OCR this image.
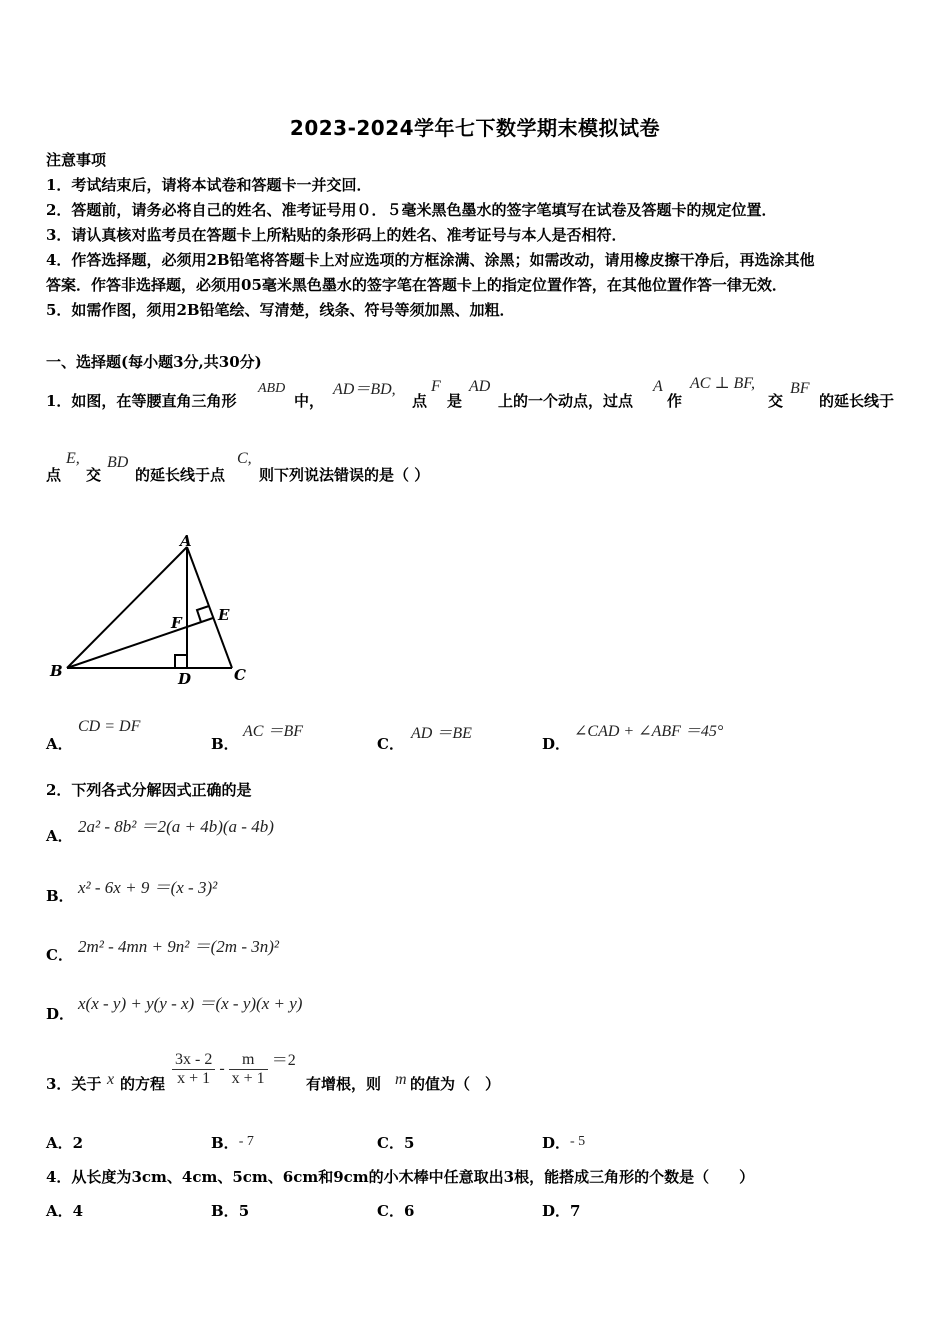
2023-2024学年七下数学期末模拟试卷
注意事项
1．考试结束后，请将本试卷和答题卡一并交回．
2．答题前，请务必将自己的姓名、准考证号用０．５毫米黑色墨水的签字笔填写在试卷及答题卡的规定位置．
3．请认真核对监考员在答题卡上所粘贴的条形码上的姓名、准考证号与本人是否相符．
4．作答选择题，必须用2B铅笔将答题卡上对应选项的方框涂满、涂黑；如需改动，请用橡皮擦干净后，再选涂其他
答案．作答非选择题，必须用05毫米黑色墨水的签字笔在答题卡上的指定位置作答，在其他位置作答一律无效．
5．如需作图，须用2B铅笔绘、写清楚，线条、符号等须加黑、加粗．
一、选择题(每小题3分,共30分)
1．如图，在等腰直角三角形
ABD
中，
AD＝BD,
点
F
是
AD
上的一个动点，过点
A
作
AC ⊥ BF,
交
BF
的延长线于
点
E,
交
BD
的延长线于点
C,
则下列说法错误的是（ ）
A
B	C
D
E
F
A．
CD = DF
B．
AC ＝BF
C．
AD ＝BE
D．
∠CAD + ∠ABF ＝45°
2．下列各式分解因式正确的是
A． 2a² - 8b² ＝2(a + 4b)(a - 4b)
B． x² - 6x + 9 ＝(x - 3)²
C． 2m² - 4mn + 9n² ＝(2m - 3n)²
D．
x(x - y) + y(y - x) ＝(x - y)(x + y)
3．关于 x 的方程 $\frac{3x - 2}{x + 1} - \frac{m}{x + 1} =2$
有增根，则 m 的值为（　）
A．2	B．- 7	C．5	D．- 5
4．从长度为3cm、4cm、5cm、6cm和9cm的小木棒中任意取出3根，能搭成三角形的个数是（　　）
A．4	B．5	C．6	D．7
